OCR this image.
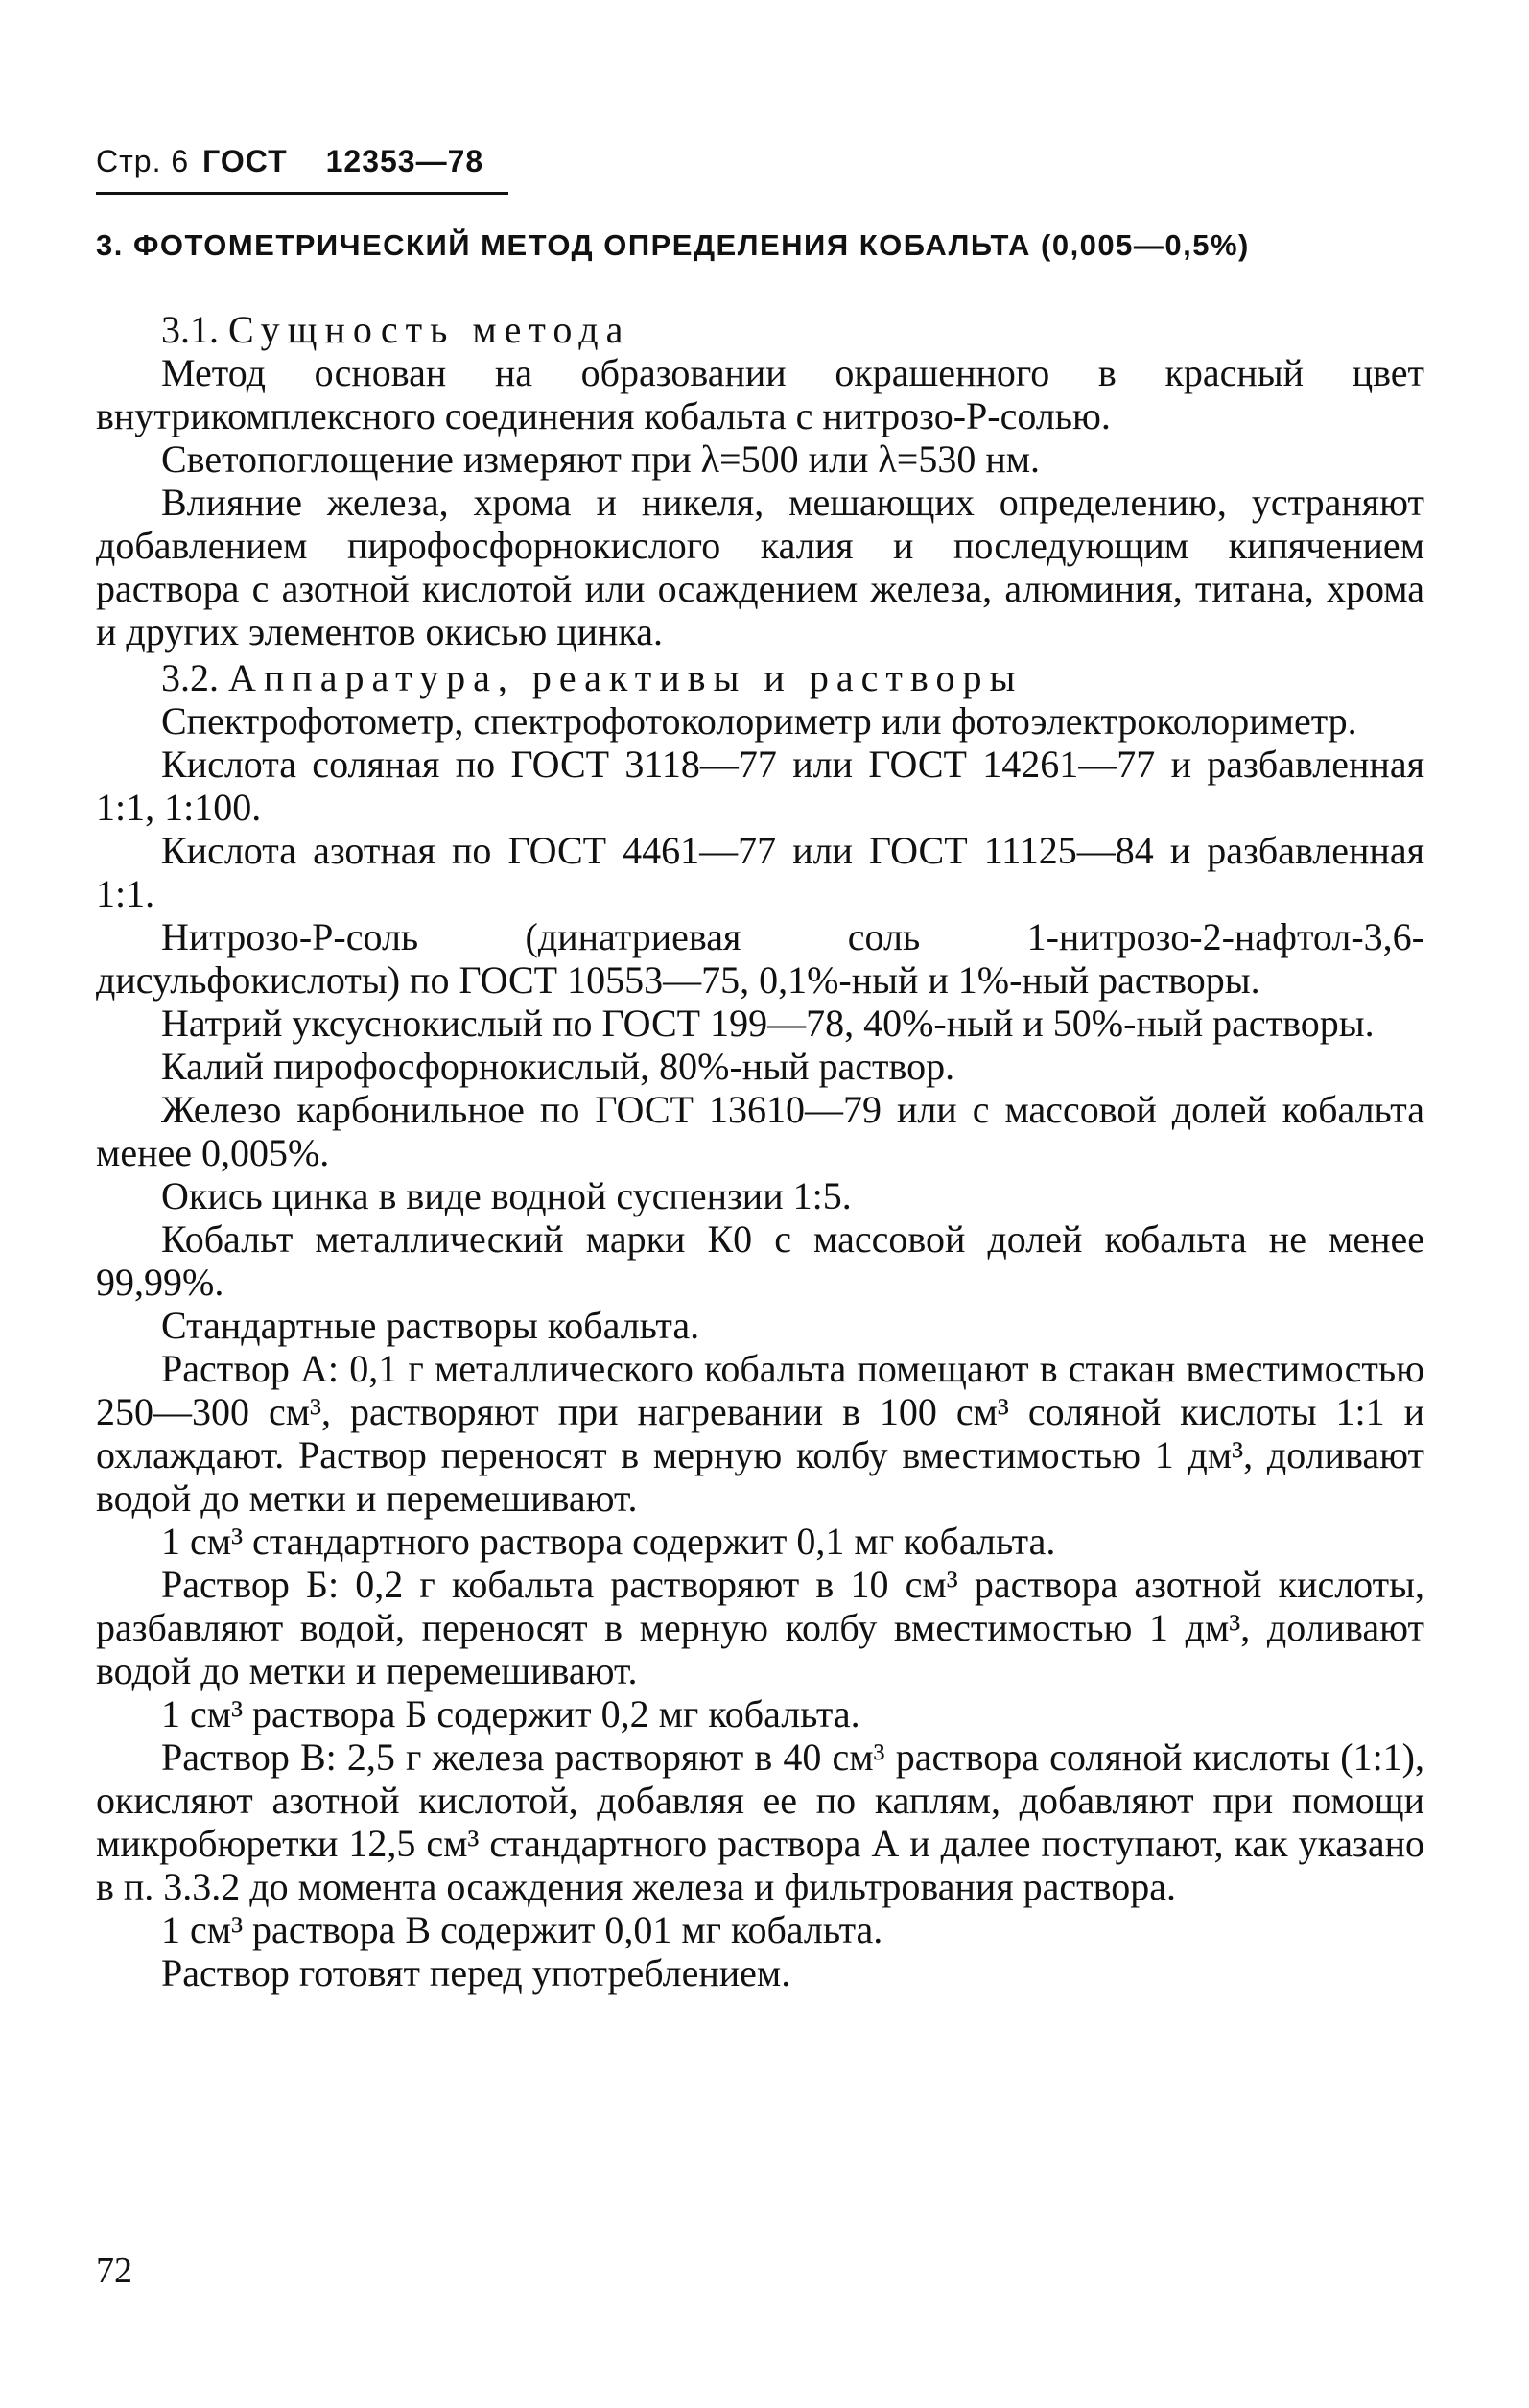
Стр. 6 ГОСТ 12353—78
3. ФОТОМЕТРИЧЕСКИЙ МЕТОД ОПРЕДЕЛЕНИЯ КОБАЛЬТА (0,005—0,5%)

3.1. Сущность метода

Метод основан на образовании окрашенного в красный цвет внутрикомплексного соединения кобальта с нитрозо-Р-солью.

Светопоглощение измеряют при λ=500 или λ=530 нм.

Влияние железа, хрома и никеля, мешающих определению, устраняют добавлением пирофосфорнокислого калия и последующим кипячением раствора с азотной кислотой или осаждением железа, алюминия, титана, хрома и других элементов окисью цинка.

3.2. Аппаратура, реактивы и растворы

Спектрофотометр, спектрофотоколориметр или фотоэлектроколориметр.

Кислота соляная по ГОСТ 3118—77 или ГОСТ 14261—77 и разбавленная 1:1, 1:100.

Кислота азотная по ГОСТ 4461—77 или ГОСТ 11125—84 и разбавленная 1:1.

Нитрозо-Р-соль (динатриевая соль 1-нитрозо-2-нафтол-3,6-дисульфокислоты) по ГОСТ 10553—75, 0,1%-ный и 1%-ный растворы.

Натрий уксуснокислый по ГОСТ 199—78, 40%-ный и 50%-ный растворы.

Калий пирофосфорнокислый, 80%-ный раствор.

Железо карбонильное по ГОСТ 13610—79 или с массовой долей кобальта менее 0,005%.

Окись цинка в виде водной суспензии 1:5.

Кобальт металлический марки К0 с массовой долей кобальта не менее 99,99%.

Стандартные растворы кобальта.

Раствор А: 0,1 г металлического кобальта помещают в стакан вместимостью 250—300 см³, растворяют при нагревании в 100 см³ соляной кислоты 1:1 и охлаждают. Раствор переносят в мерную колбу вместимостью 1 дм³, доливают водой до метки и перемешивают.

1 см³ стандартного раствора содержит 0,1 мг кобальта.

Раствор Б: 0,2 г кобальта растворяют в 10 см³ раствора азотной кислоты, разбавляют водой, переносят в мерную колбу вместимостью 1 дм³, доливают водой до метки и перемешивают.

1 см³ раствора Б содержит 0,2 мг кобальта.

Раствор В: 2,5 г железа растворяют в 40 см³ раствора соляной кислоты (1:1), окисляют азотной кислотой, добавляя ее по каплям, добавляют при помощи микробюретки 12,5 см³ стандартного раствора А и далее поступают, как указано в п. 3.3.2 до момента осаждения железа и фильтрования раствора.

1 см³ раствора В содержит 0,01 мг кобальта.

Раствор готовят перед употреблением.

72
